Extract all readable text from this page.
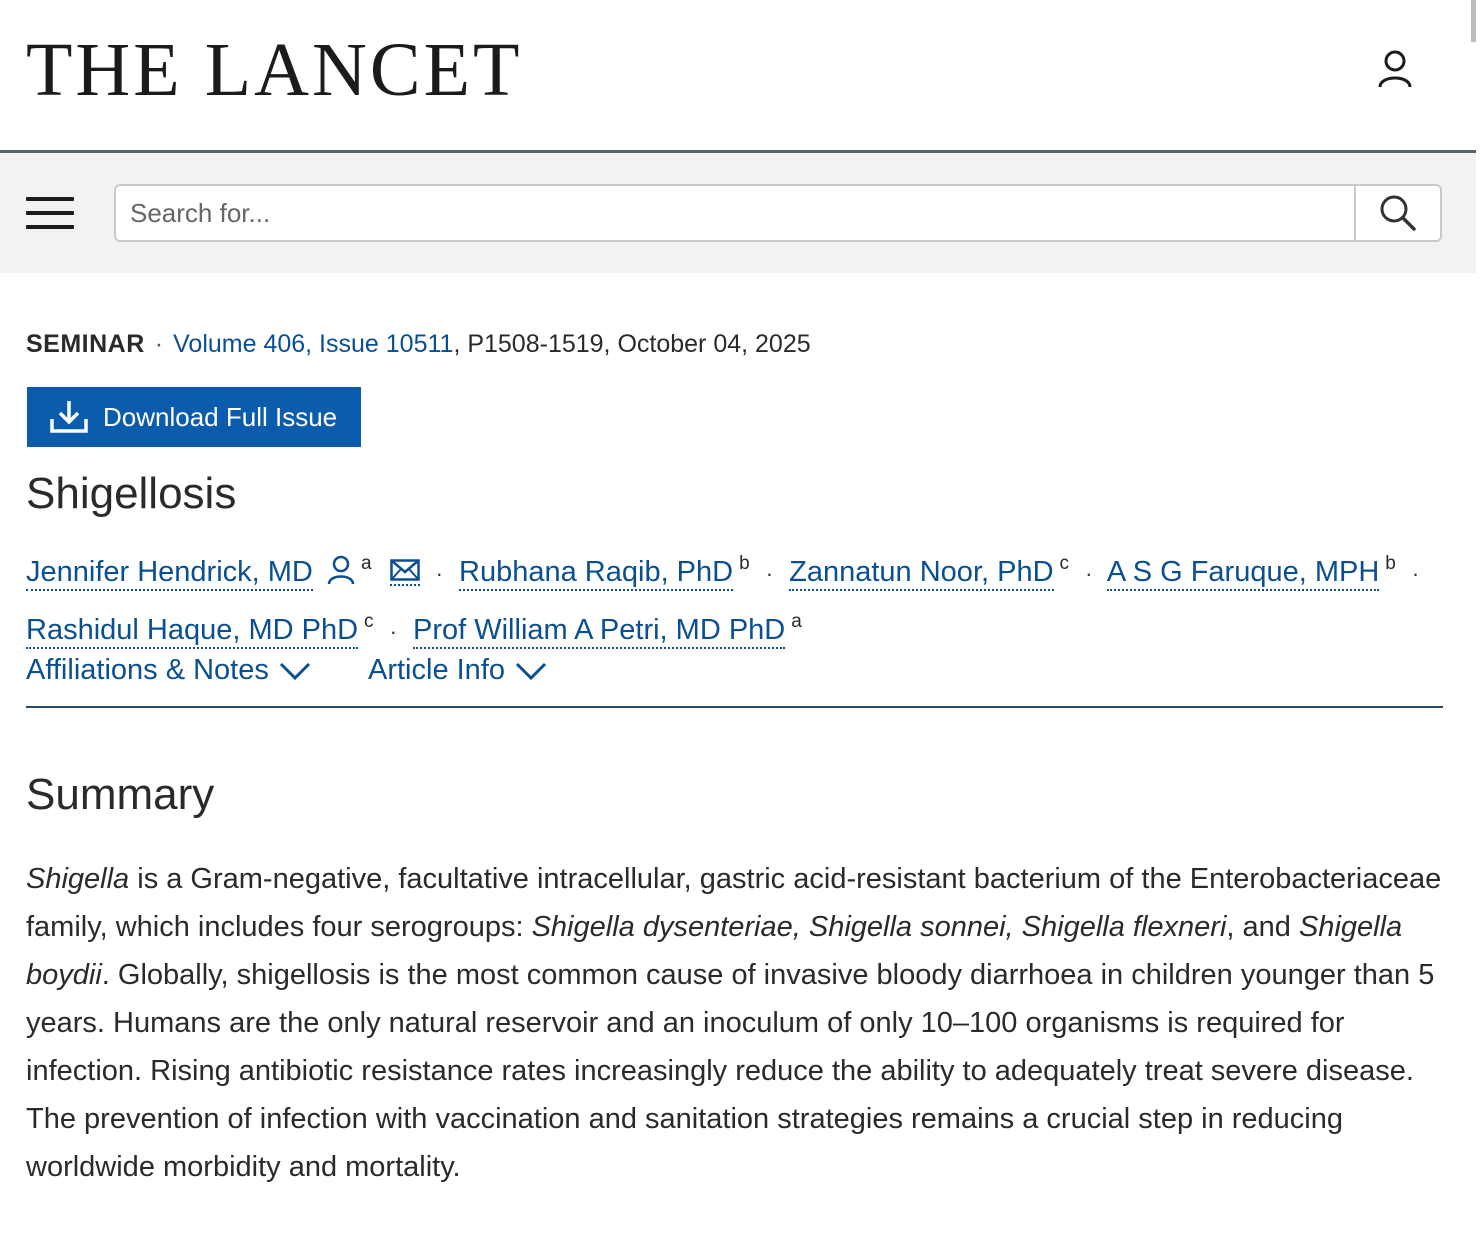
THE LANCET
Search for...
SEMINAR · Volume 406, Issue 10511, P1508-1519, October 04, 2025
Download Full Issue
Shigellosis
Jennifer Hendrick, MD	$^a$	· Rubhana Raqib, PhD $^b$ · Zannatun Noor, PhD $^c$ · A S G Faruque, MPH $^b$ ·
Rashidul Haque, MD PhD $^c$ · Prof William A Petri, MD PhD $^a$
Affiliations & Notes	Article Info
Summary

Shigella is a Gram-negative, facultative intracellular, gastric acid-resistant bacterium of the Enterobacteriaceae family, which includes four serogroups: Shigella dysenteriae, Shigella sonnei, Shigella flexneri, and Shigella boydii. Globally, shigellosis is the most common cause of invasive bloody diarrhoea in children younger than 5 years. Humans are the only natural reservoir and an inoculum of only 10–100 organisms is required for infection. Rising antibiotic resistance rates increasingly reduce the ability to adequately treat severe disease. The prevention of infection with vaccination and sanitation strategies remains a crucial step in reducing worldwide morbidity and mortality.
